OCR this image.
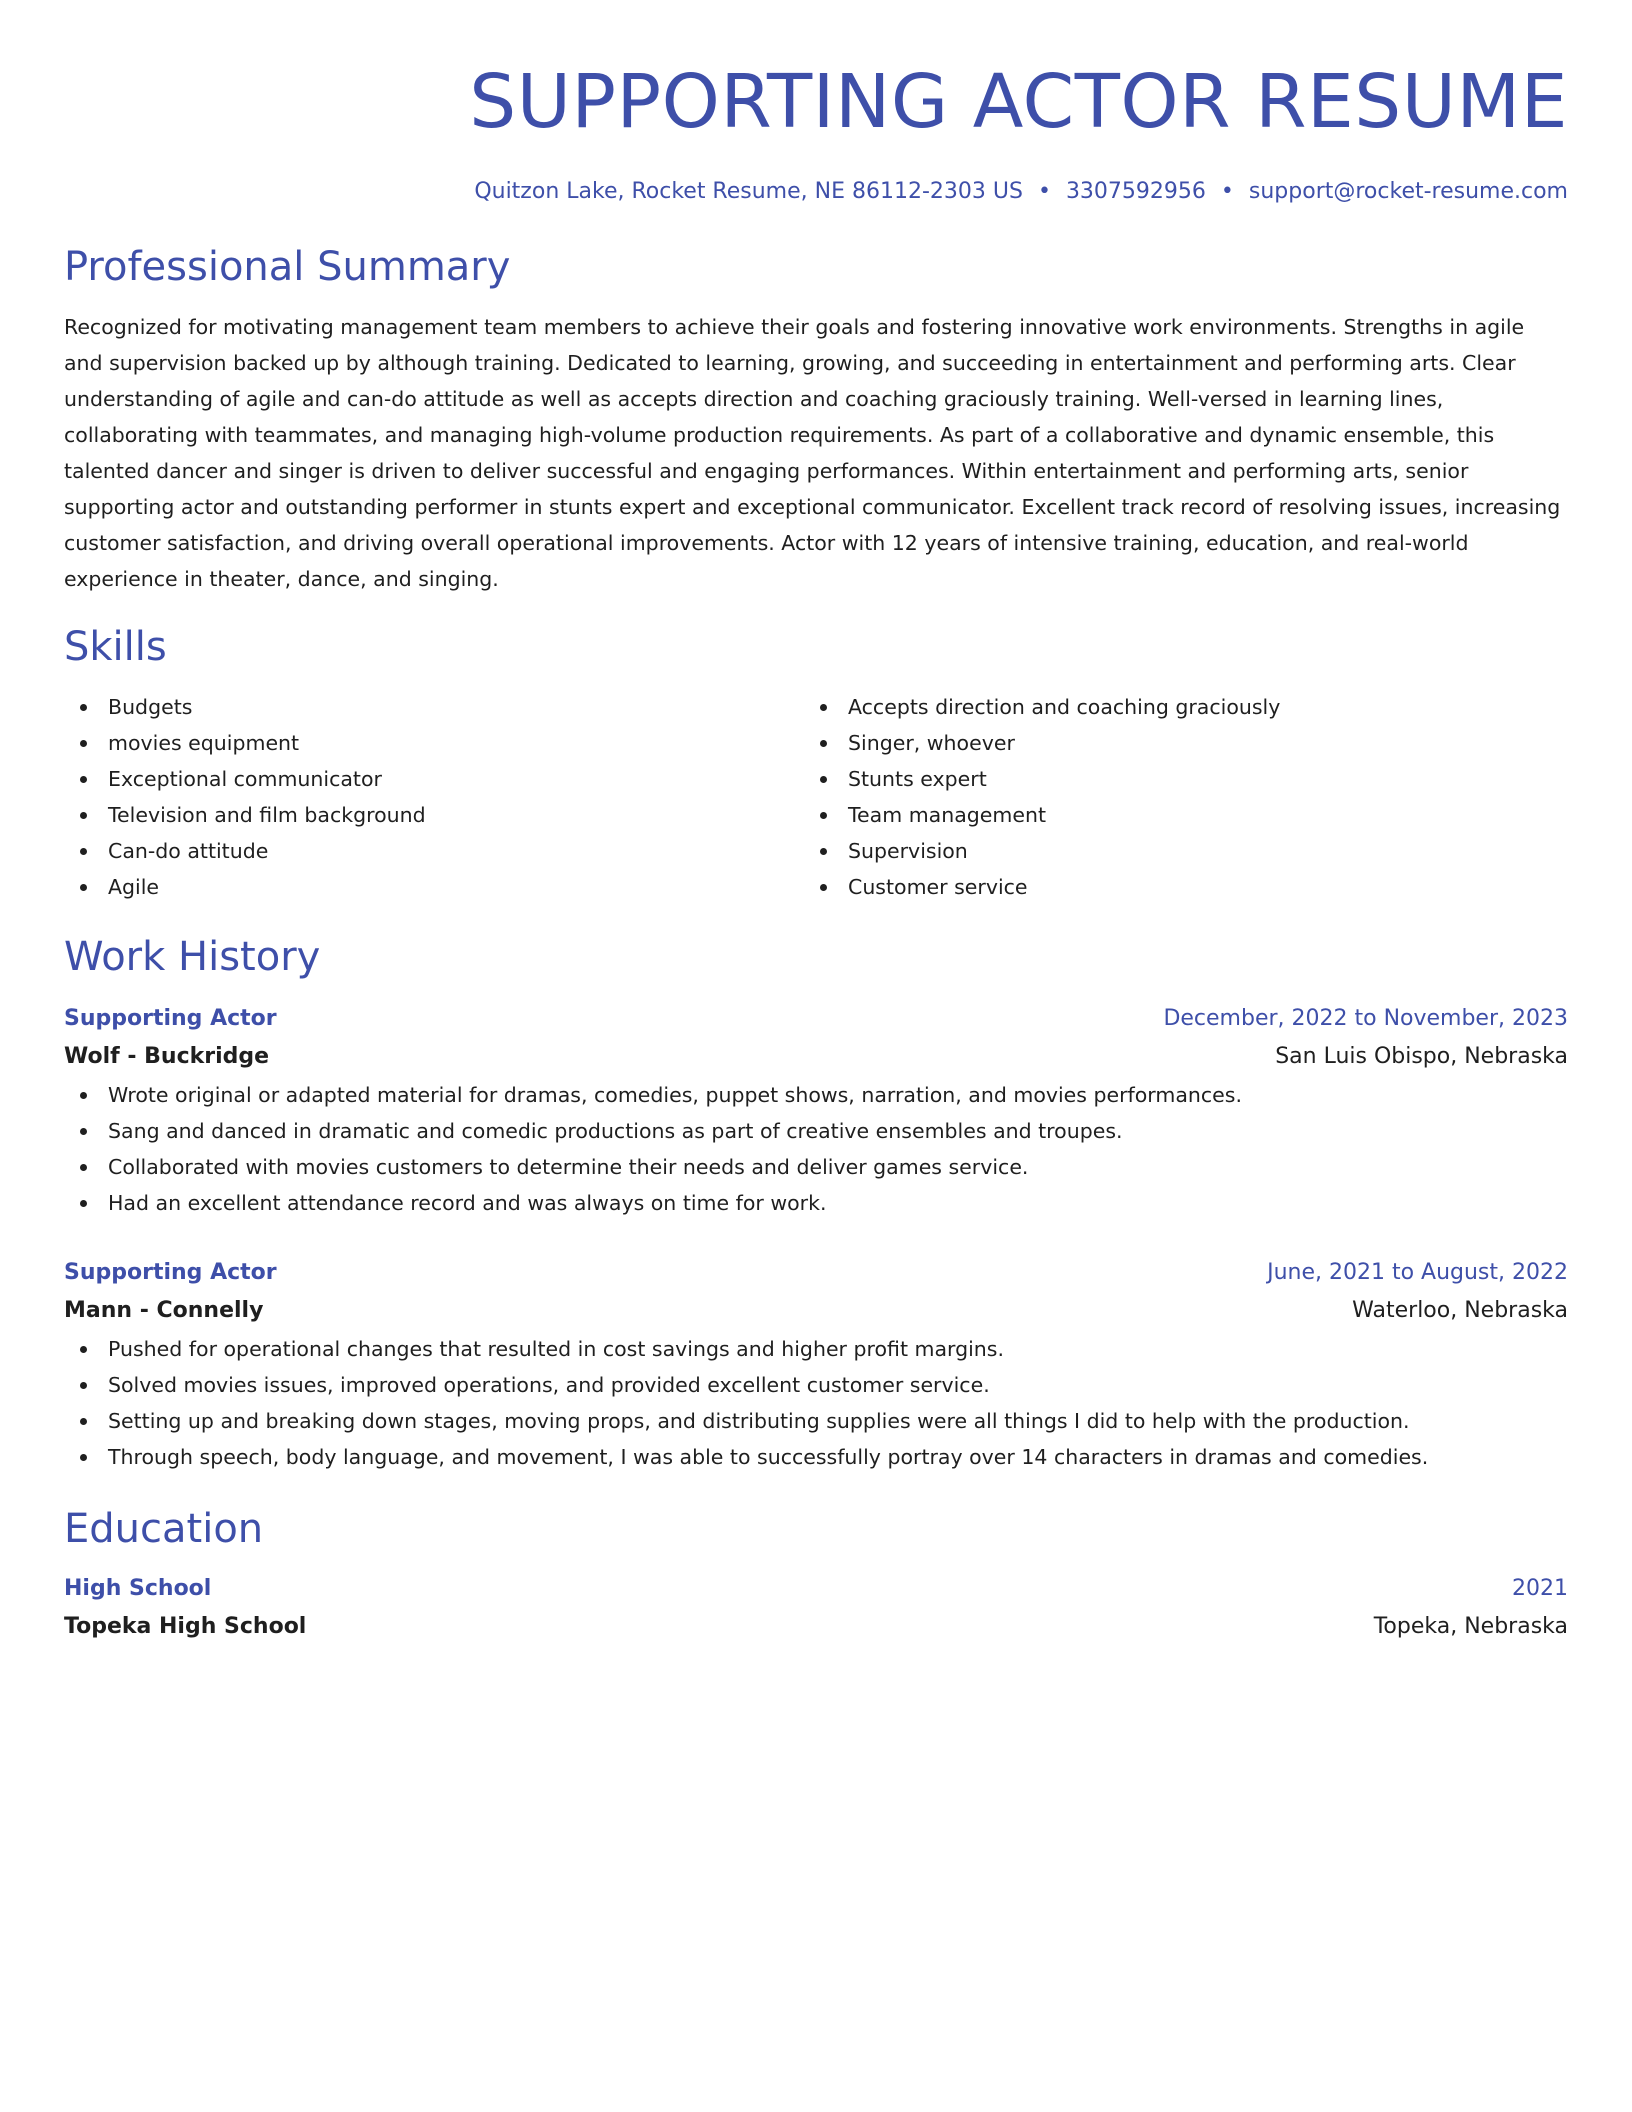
SUPPORTING ACTOR RESUME
Quitzon Lake, Rocket Resume, NE 86112-2303 US • 3307592956 • support@rocket-resume.com
Professional Summary
Recognized for motivating management team members to achieve their goals and fostering innovative work environments. Strengths in agile and supervision backed up by although training. Dedicated to learning, growing, and succeeding in entertainment and performing arts. Clear understanding of agile and can-do attitude as well as accepts direction and coaching graciously training. Well-versed in learning lines, collaborating with teammates, and managing high-volume production requirements. As part of a collaborative and dynamic ensemble, this talented dancer and singer is driven to deliver successful and engaging performances. Within entertainment and performing arts, senior supporting actor and outstanding performer in stunts expert and exceptional communicator. Excellent track record of resolving issues, increasing customer satisfaction, and driving overall operational improvements. Actor with 12 years of intensive training, education, and real-world experience in theater, dance, and singing.
Skills
Budgets
movies equipment
Exceptional communicator
Television and film background
Can-do attitude
Agile
Accepts direction and coaching graciously
Singer, whoever
Stunts expert
Team management
Supervision
Customer service
Work History
Supporting Actor	December, 2022 to November, 2023
Wolf - Buckridge	San Luis Obispo, Nebraska
Wrote original or adapted material for dramas, comedies, puppet shows, narration, and movies performances.
Sang and danced in dramatic and comedic productions as part of creative ensembles and troupes.
Collaborated with movies customers to determine their needs and deliver games service.
Had an excellent attendance record and was always on time for work.
Supporting Actor	June, 2021 to August, 2022
Mann - Connelly	Waterloo, Nebraska
Pushed for operational changes that resulted in cost savings and higher profit margins.
Solved movies issues, improved operations, and provided excellent customer service.
Setting up and breaking down stages, moving props, and distributing supplies were all things I did to help with the production.
Through speech, body language, and movement, I was able to successfully portray over 14 characters in dramas and comedies.
Education
High School	2021
Topeka High School	Topeka, Nebraska
